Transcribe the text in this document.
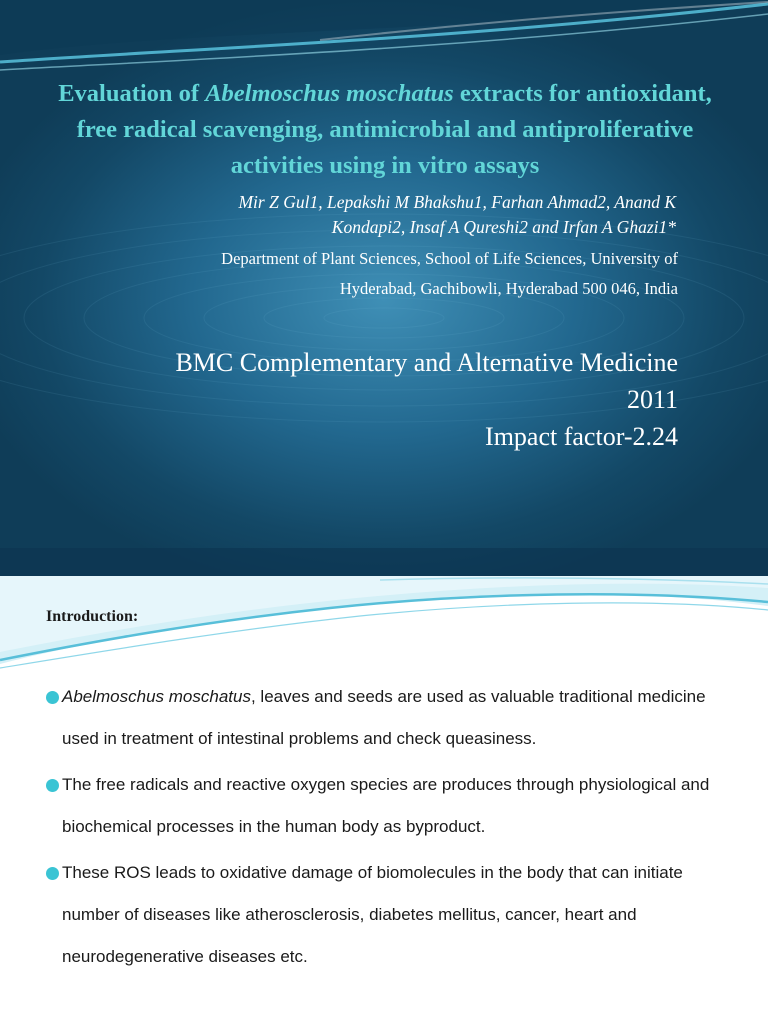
Evaluation of Abelmoschus moschatus extracts for antioxidant, free radical scavenging, antimicrobial and antiproliferative activities using in vitro assays
Mir Z Gul1, Lepakshi M Bhakshu1, Farhan Ahmad2, Anand K
Kondapi2, Insaf A Qureshi2 and Irfan A Ghazi1*
Department of Plant Sciences, School of Life Sciences, University of
Hyderabad, Gachibowli, Hyderabad 500 046, India
BMC Complementary and Alternative Medicine
2011
Impact factor-2.24
Introduction:
Abelmoschus moschatus, leaves and seeds are used as valuable traditional medicine used in treatment of intestinal problems and check queasiness.
The free radicals and reactive oxygen species are produces through physiological and biochemical processes in the human body as byproduct.
These ROS leads to oxidative damage of biomolecules in the body that can initiate number of diseases like atherosclerosis, diabetes mellitus, cancer, heart and neurodegenerative diseases etc.
